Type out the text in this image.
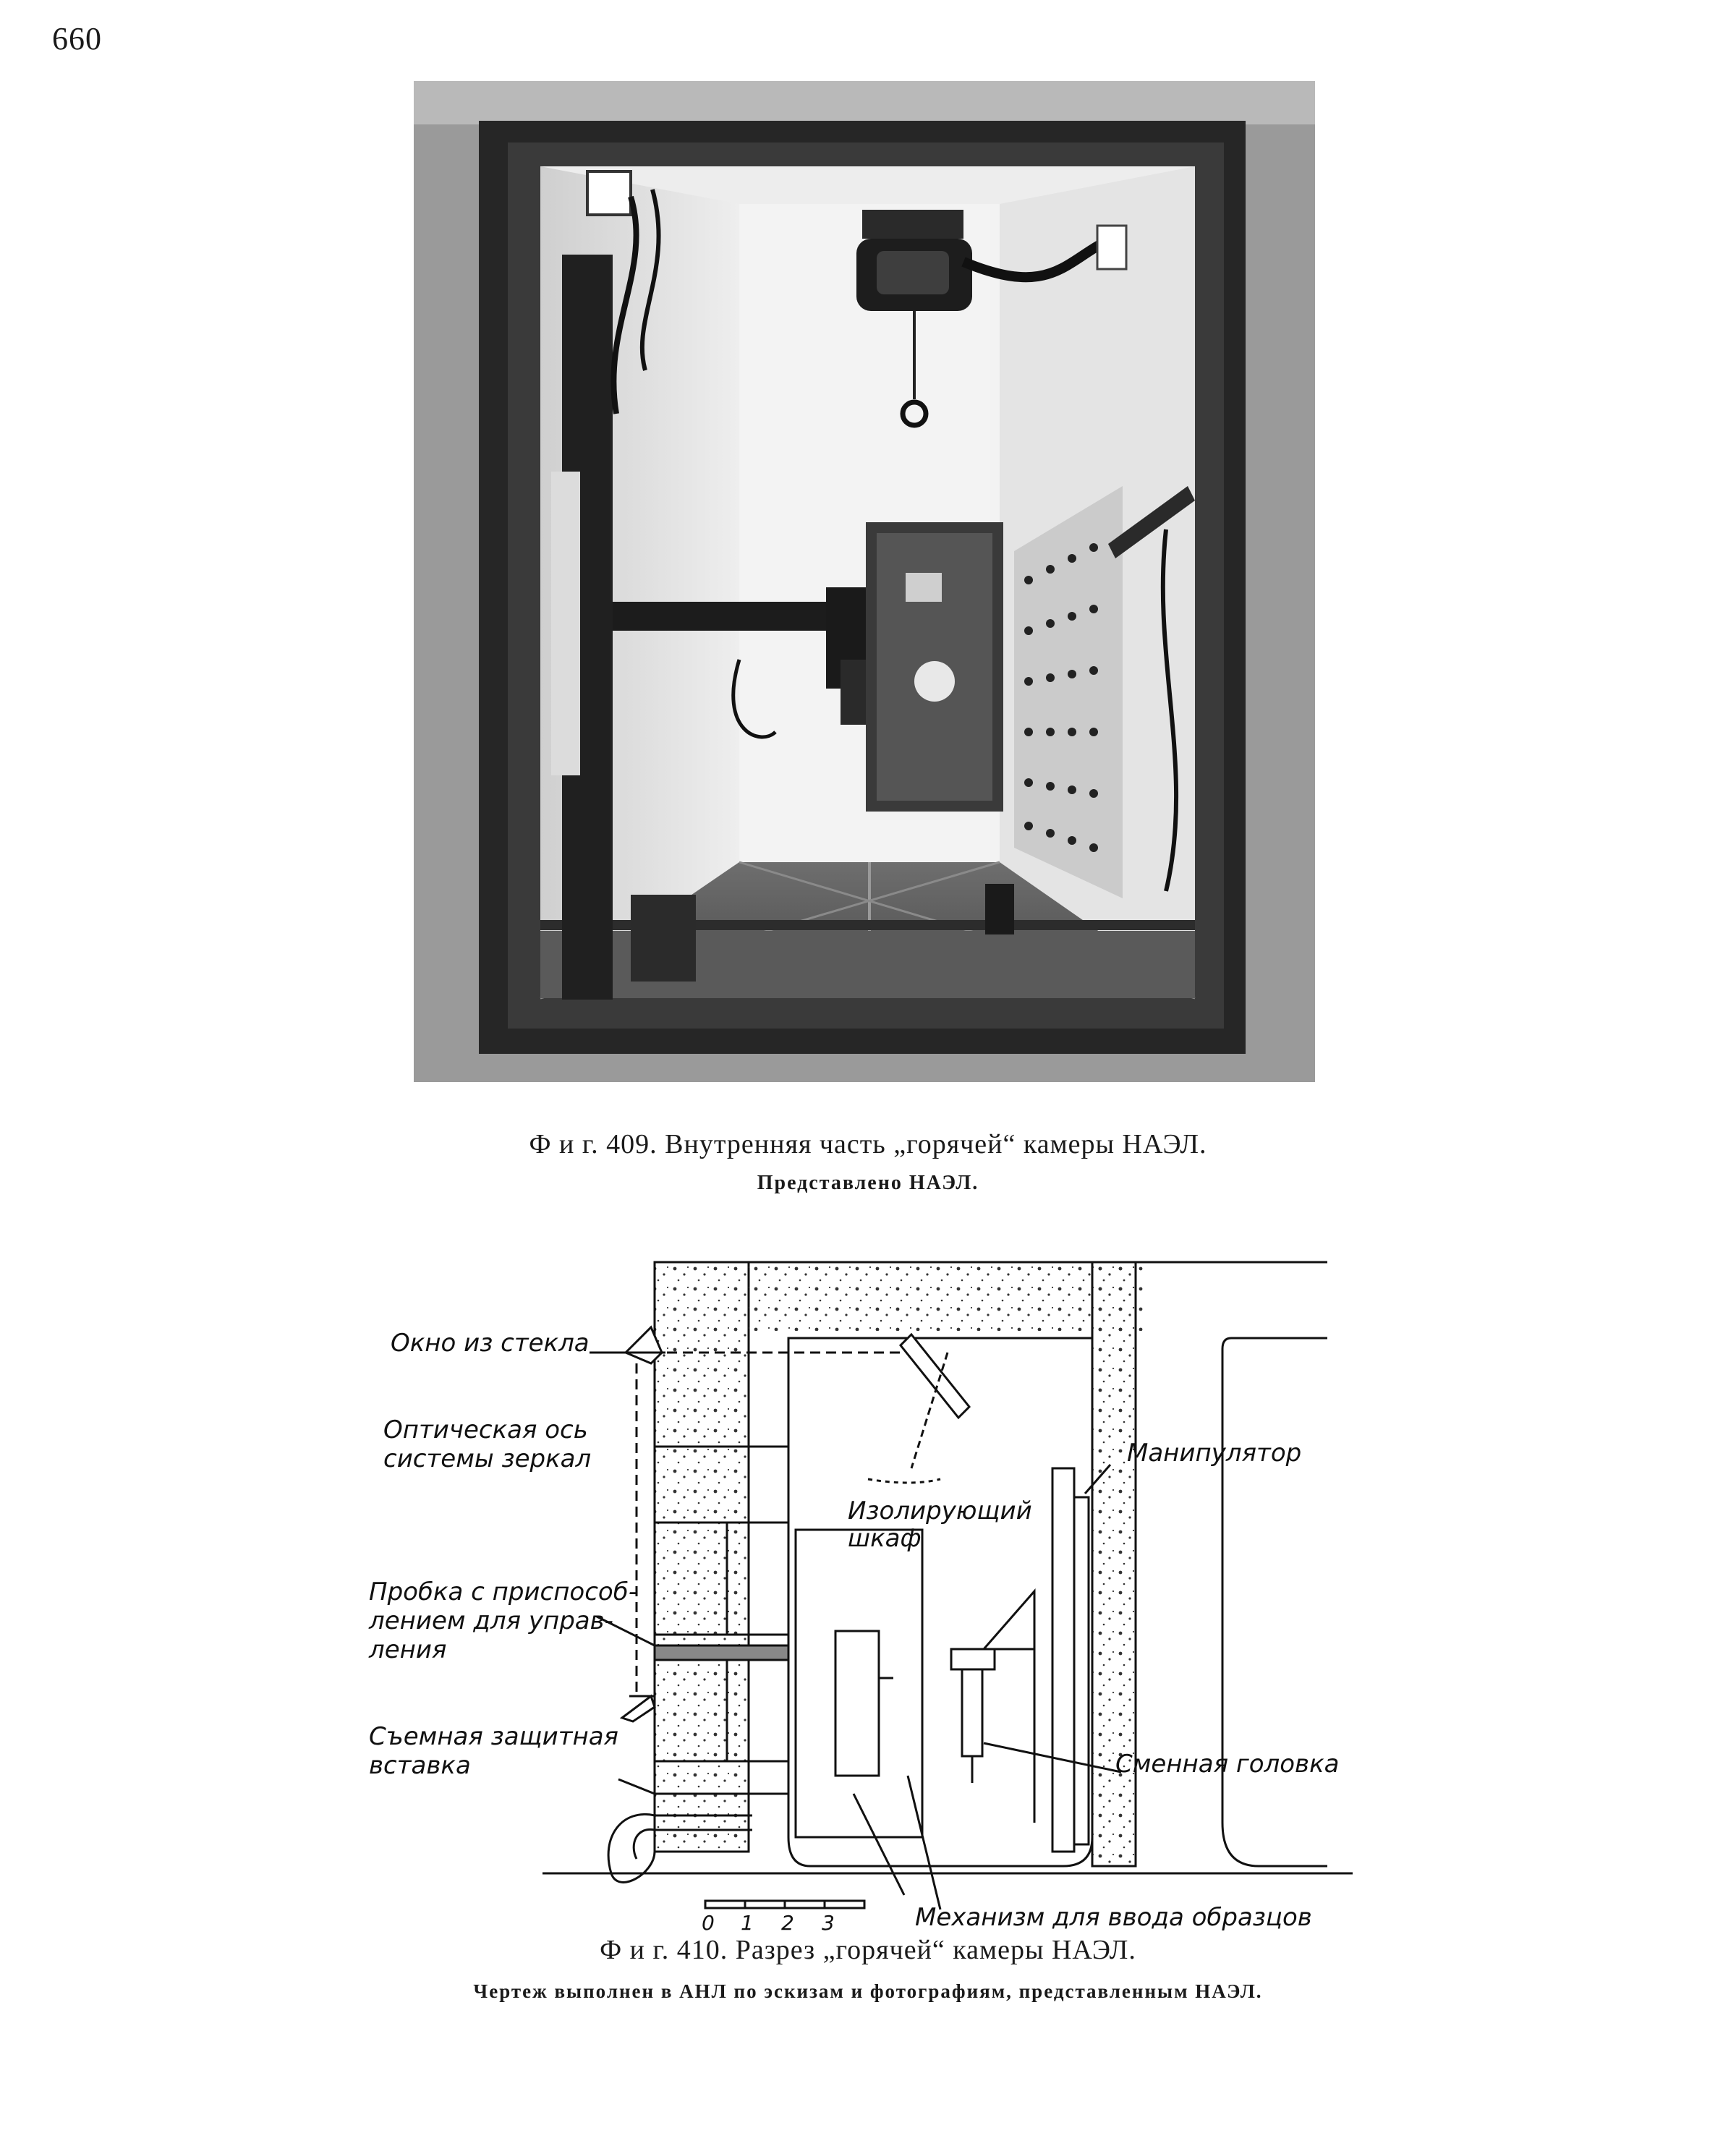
660
Ф и г. 409. Внутренняя часть „горячей“ камеры НАЭЛ.
Представлено НАЭЛ.
Окно из стекла
Оптическая ось
системы зеркал
Пробка с приспособ-
лением для управ-
ления
Съемная защитная
вставка
Манипулятор
Изолирующий
шкаф
Сменная головка
Механизм для ввода образцов
0 1 2 3
Ф и г. 410. Разрез „горячей“ камеры НАЭЛ.
Чертеж выполнен в АНЛ по эскизам и фотографиям, представленным НАЭЛ.
